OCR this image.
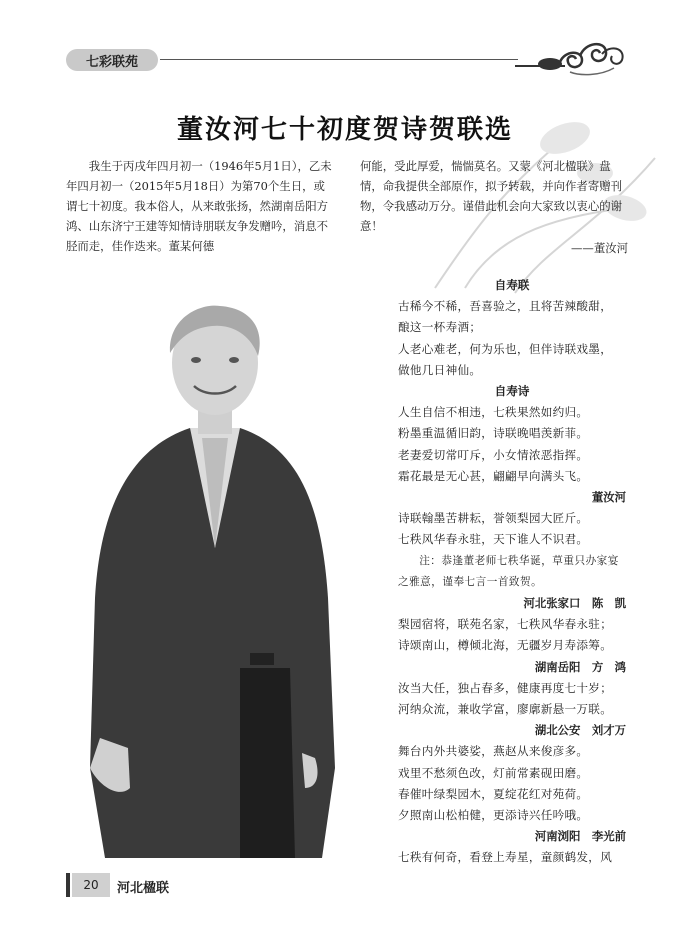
七彩联苑
董汝河七十初度贺诗贺联选

我生于丙戌年四月初一（1946年5月1日），乙未年四月初一（2015年5月18日）为第70个生日，或谓七十初度。我本俗人，从来敢张扬，然湖南岳阳方鸿、山东济宁王建等知情诗朋联友争发赠吟，消息不胫而走，佳作迭来。董某何德

何能，受此厚爱，惴惴莫名。又蒙《河北楹联》盘情，命我提供全部原作，拟予转载，并向作者寄赠刊物，令我感动万分。谨借此机会向大家致以衷心的谢意！

——董汝河

自寿联
古稀今不稀，吾喜验之，且将苦辣酸甜，
酿这一杯寿酒；
人老心难老，何为乐也，但伴诗联戏墨，
做他几日神仙。
自寿诗
人生自信不相违，七秩果然如约归。
粉墨重温循旧韵，诗联晚唱羡新菲。
老妻爱切常叮斥，小女情浓恶指挥。
霜花最是无心甚，翩翩早向满头飞。
董汝河
诗联翰墨苦耕耘，誉领梨园大匠斤。
七秩风华春永驻，天下谁人不识君。
注：恭逢董老师七秩华诞，草重只办家宴之雅意，谨奉七言一首致贺。
河北张家口　陈　凯
梨园宿将，联苑名家，七秩风华春永驻；
诗颂南山，樽倾北海，无疆岁月寿添筹。
湖南岳阳　方　鸿
汝当大任，独占春多，健康再度七十岁；
河纳众流，兼收学富，廖廓新悬一万联。
湖北公安　刘才万
舞台内外共婆娑，燕赵从来俊彦多。
戏里不愁须色改，灯前常素砚田磨。
春催叶绿梨园木，夏绽花红对苑荷。
夕照南山松柏健，更添诗兴任吟哦。
河南浏阳　李光前
七秩有何奇，看登上寿星，童颜鹤发，风
20 河北楹联
